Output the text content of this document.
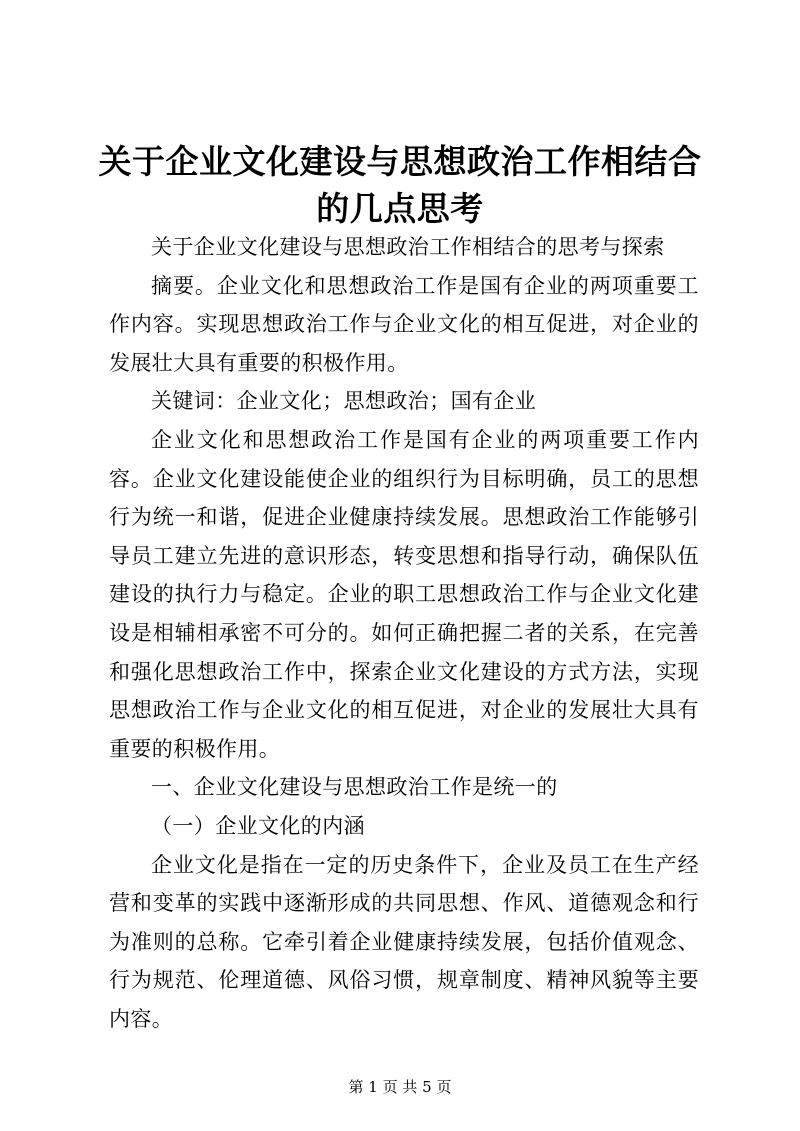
关于企业文化建设与思想政治工作相结合的几点思考

关于企业文化建设与思想政治工作相结合的思考与探索

摘要。企业文化和思想政治工作是国有企业的两项重要工作内容。实现思想政治工作与企业文化的相互促进，对企业的发展壮大具有重要的积极作用。

关键词：企业文化；思想政治；国有企业

企业文化和思想政治工作是国有企业的两项重要工作内容。企业文化建设能使企业的组织行为目标明确，员工的思想行为统一和谐，促进企业健康持续发展。思想政治工作能够引导员工建立先进的意识形态，转变思想和指导行动，确保队伍建设的执行力与稳定。企业的职工思想政治工作与企业文化建设是相辅相承密不可分的。如何正确把握二者的关系，在完善和强化思想政治工作中，探索企业文化建设的方式方法，实现思想政治工作与企业文化的相互促进，对企业的发展壮大具有重要的积极作用。

一、企业文化建设与思想政治工作是统一的

（一）企业文化的内涵

企业文化是指在一定的历史条件下，企业及员工在生产经营和变革的实践中逐渐形成的共同思想、作风、道德观念和行为准则的总称。它牵引着企业健康持续发展，包括价值观念、行为规范、伦理道德、风俗习惯，规章制度、精神风貌等主要内容。

第 1 页 共 5 页
